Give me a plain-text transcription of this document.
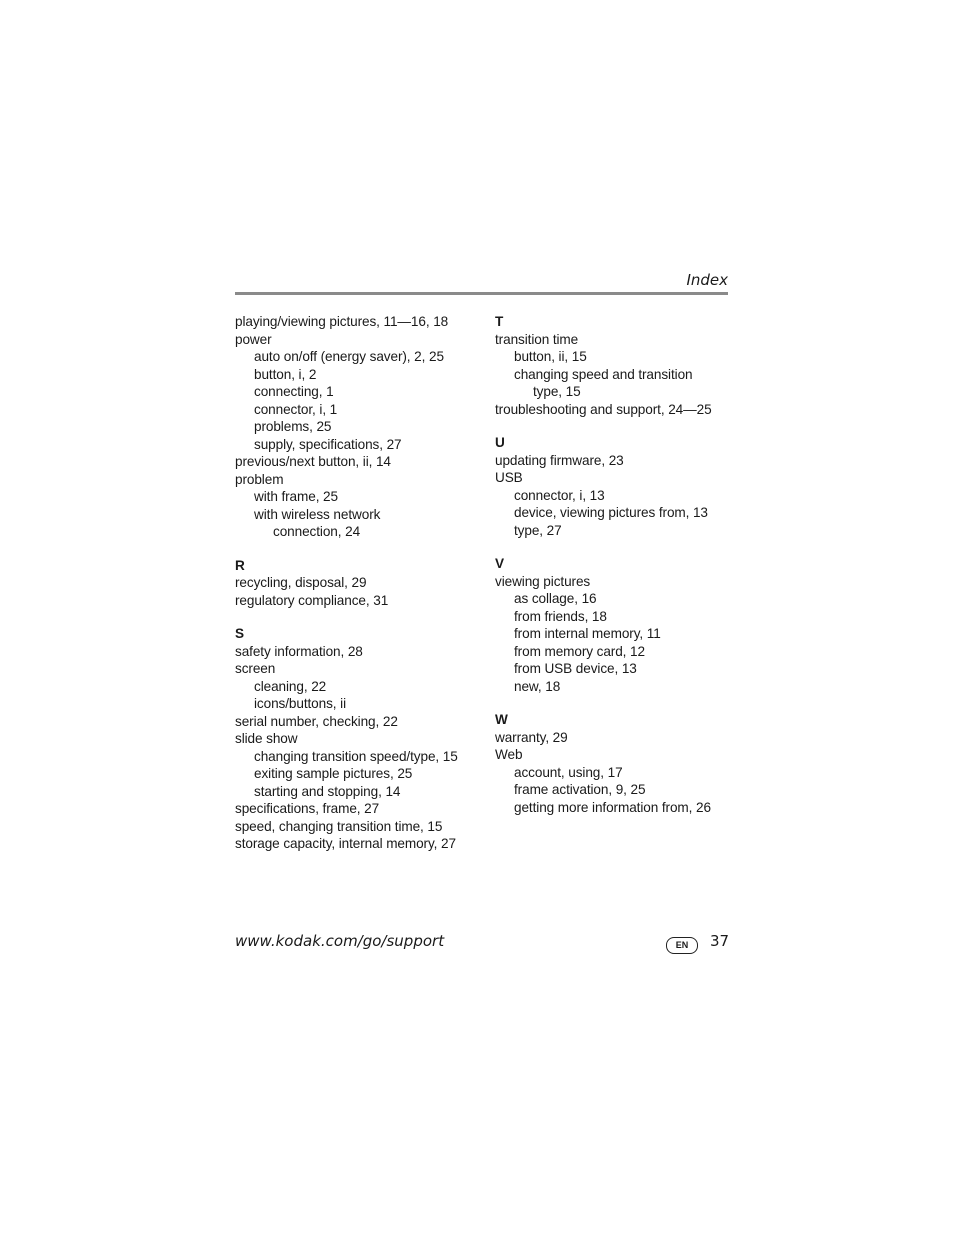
Index
playing/viewing pictures, 11—16, 18
power
auto on/off (energy saver), 2, 25
button, i, 2
connecting, 1
connector, i, 1
problems, 25
supply, specifications, 27
previous/next button, ii, 14
problem
with frame, 25
with wireless network
connection, 24
R
recycling, disposal, 29
regulatory compliance, 31
S
safety information, 28
screen
cleaning, 22
icons/buttons, ii
serial number, checking, 22
slide show
changing transition speed/type, 15
exiting sample pictures, 25
starting and stopping, 14
specifications, frame, 27
speed, changing transition time, 15
storage capacity, internal memory, 27
T
transition time
button, ii, 15
changing speed and transition
type, 15
troubleshooting and support, 24—25
U
updating firmware, 23
USB
connector, i, 13
device, viewing pictures from, 13
type, 27
V
viewing pictures
as collage, 16
from friends, 18
from internal memory, 11
from memory card, 12
from USB device, 13
new, 18
W
warranty, 29
Web
account, using, 17
frame activation, 9, 25
getting more information from, 26
www.kodak.com/go/support	EN	37
